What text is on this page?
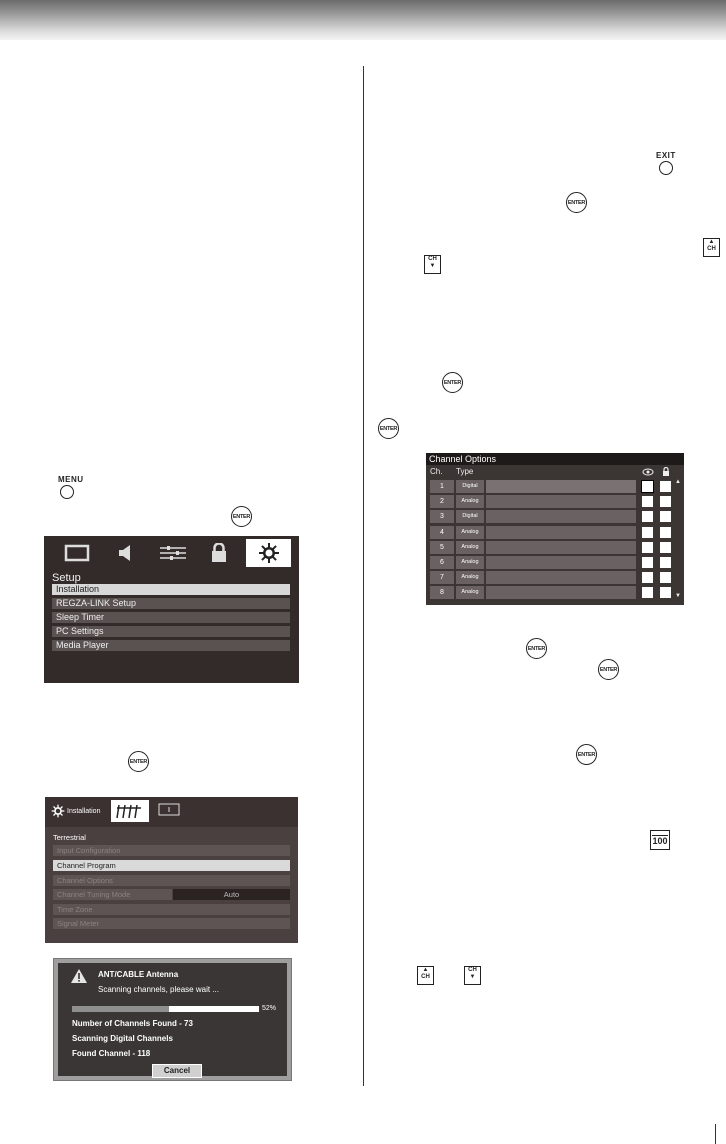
EXIT
ENTER
▲
CH
CH
▼
ENTER
ENTER
Channel Options
Ch. Type
1	Digital
2	Analog
3	Digital
4	Analog
5	Analog
6	Analog
7	Analog
8	Analog
▲
▼
ENTER
ENTER
ENTER
100
▲
CH
CH
▼
MENU
ENTER
Setup
Installation
REGZA-LINK Setup
Sleep Timer
PC Settings
Media Player
ENTER
Installation
Terrestrial
Input Configuration
Channel Program
Channel Options
Channel Tuning Mode	Auto
Time Zone
Signal Meter
ANT/CABLE Antenna
Scanning channels, please wait ...
52%
Number of Channels Found - 73
Scanning Digital Channels
Found Channel - 118
Cancel
